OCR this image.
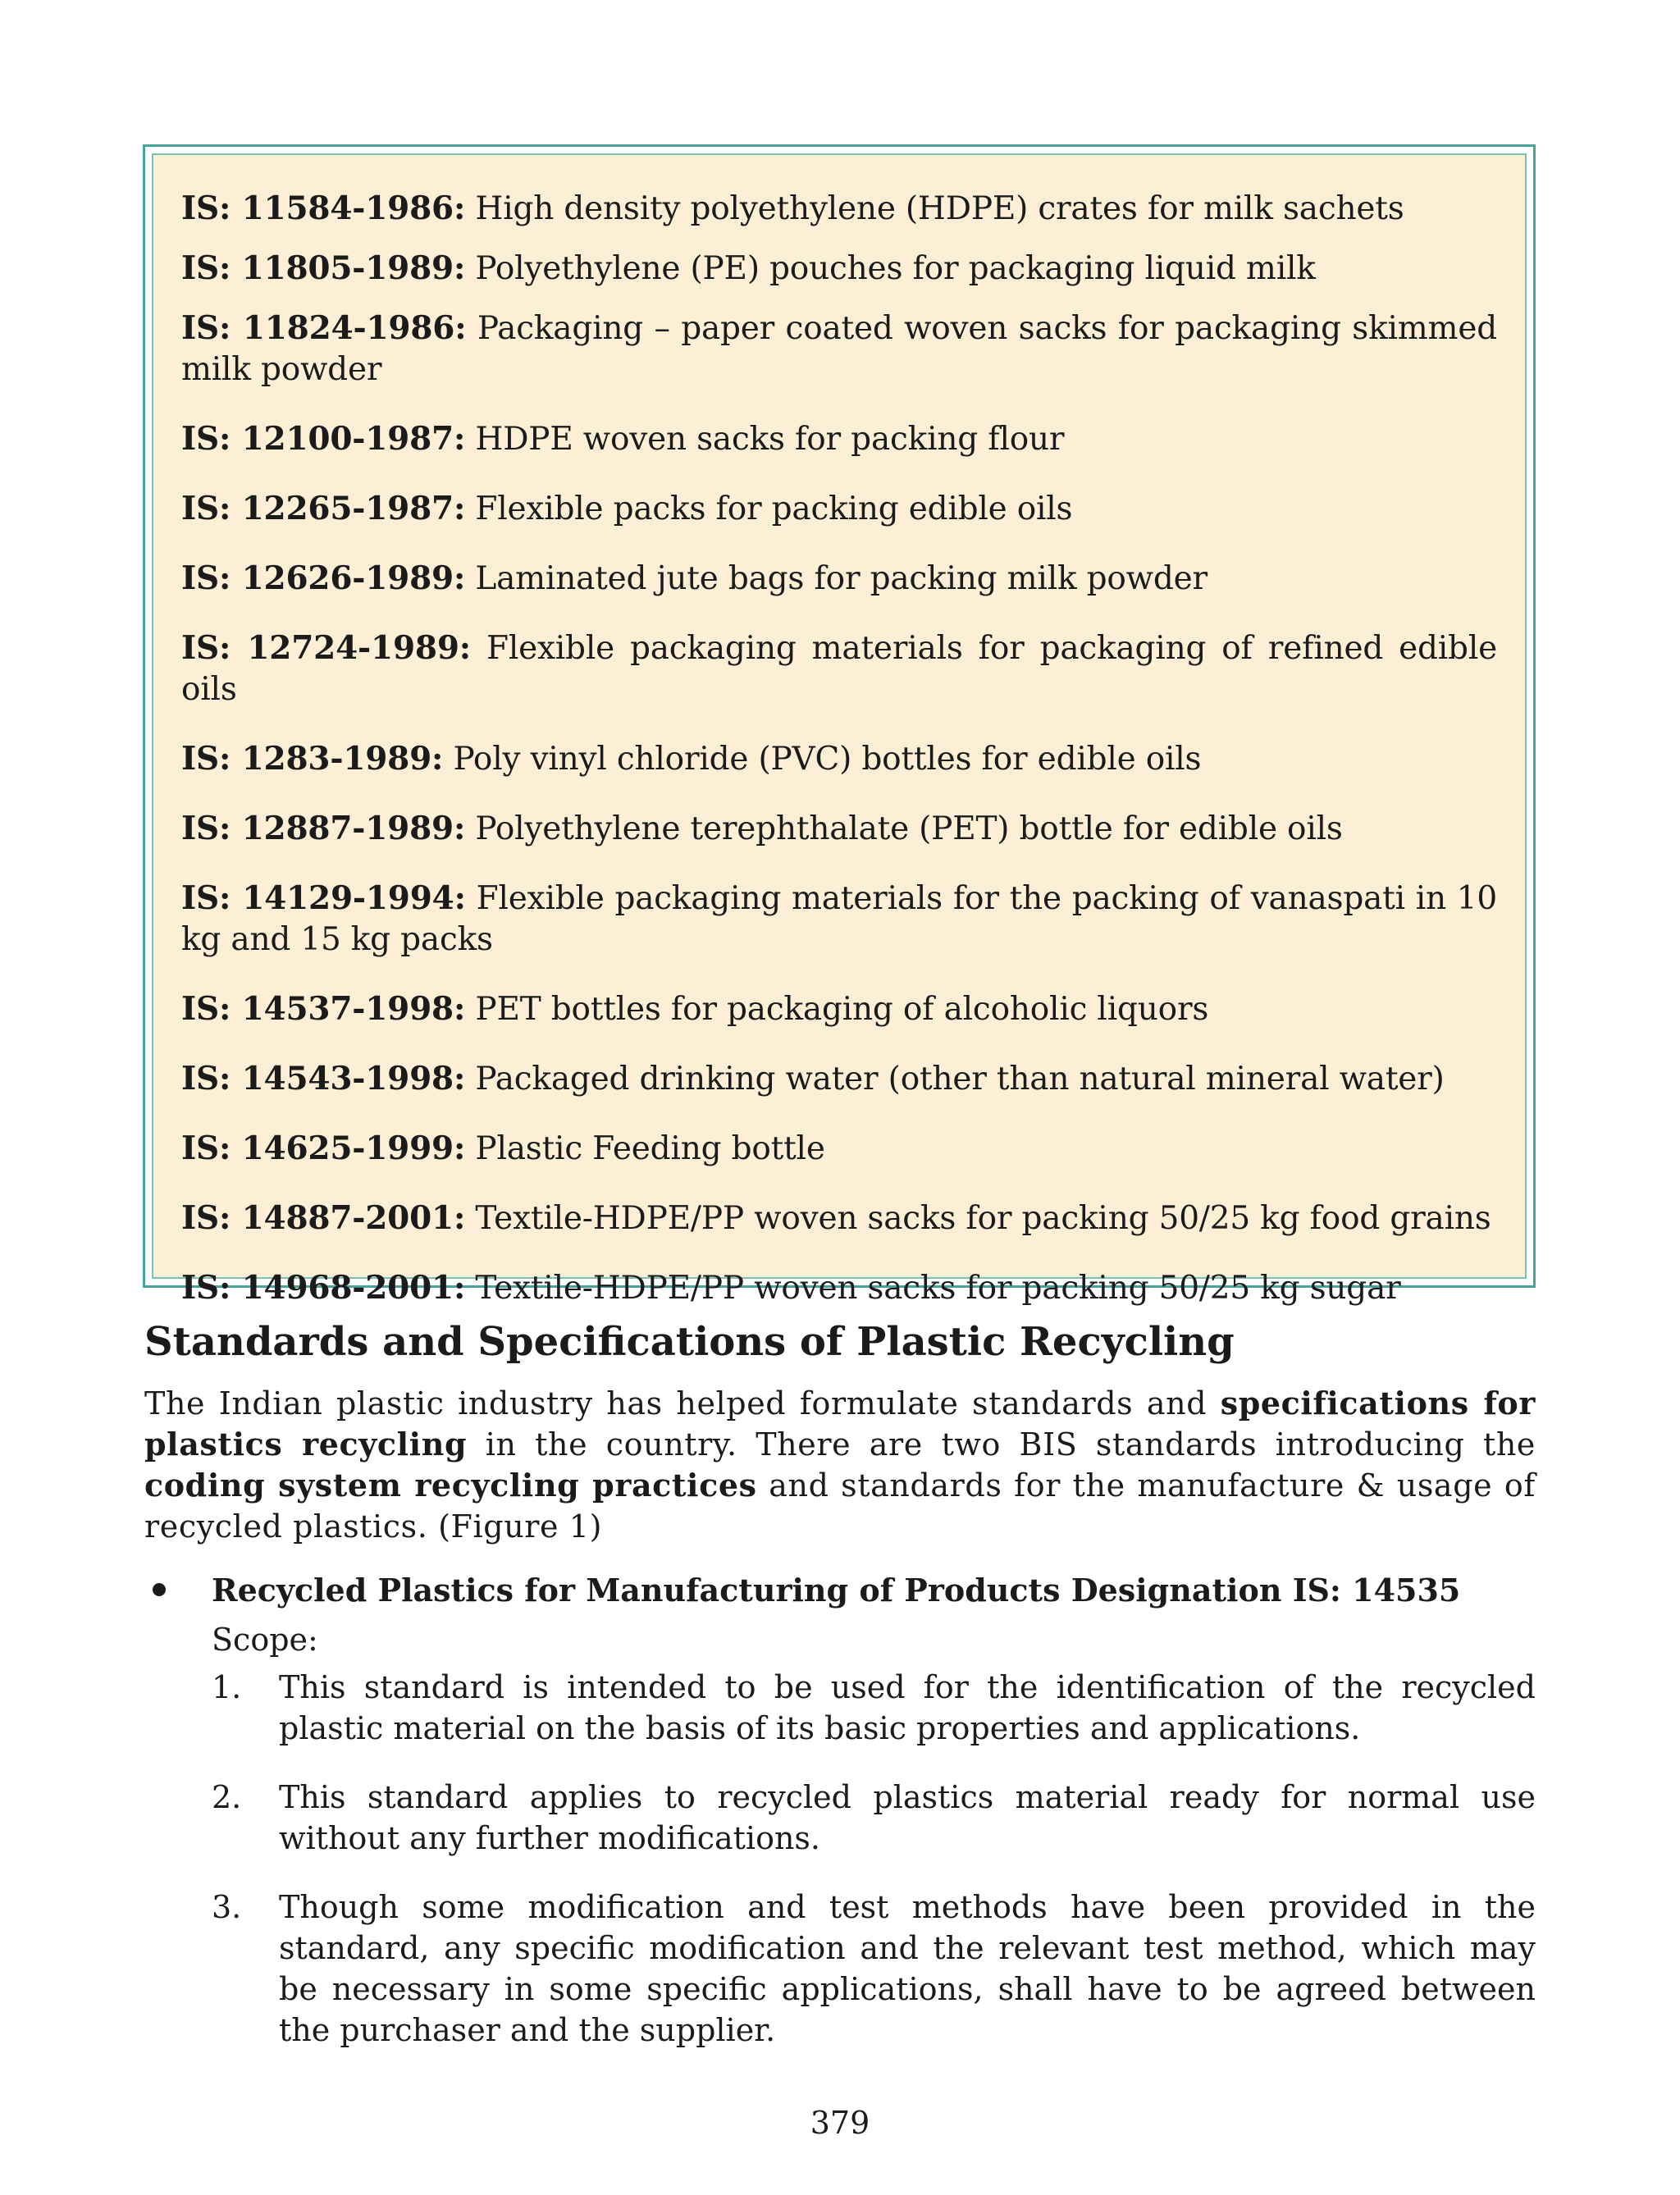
IS: 11584-1986: High density polyethylene (HDPE) crates for milk sachets

IS: 11805-1989: Polyethylene (PE) pouches for packaging liquid milk

IS: 11824-1986: Packaging – paper coated woven sacks for packaging skimmed milk powder

IS: 12100-1987: HDPE woven sacks for packing flour

IS: 12265-1987: Flexible packs for packing edible oils

IS: 12626-1989: Laminated jute bags for packing milk powder

IS: 12724-1989: Flexible packaging materials for packaging of refined edible oils

IS: 1283-1989: Poly vinyl chloride (PVC) bottles for edible oils

IS: 12887-1989: Polyethylene terephthalate (PET) bottle for edible oils

IS: 14129-1994: Flexible packaging materials for the packing of vanaspati in 10 kg and 15 kg packs

IS: 14537-1998: PET bottles for packaging of alcoholic liquors

IS: 14543-1998: Packaged drinking water (other than natural mineral water)

IS: 14625-1999: Plastic Feeding bottle

IS: 14887-2001: Textile-HDPE/PP woven sacks for packing 50/25 kg food grains

IS: 14968-2001: Textile-HDPE/PP woven sacks for packing 50/25 kg sugar

Standards and Specifications of Plastic Recycling

The Indian plastic industry has helped formulate standards and specifications for plastics recycling in the country. There are two BIS standards introducing the coding system recycling practices and standards for the manufacture & usage of recycled plastics. (Figure 1)

Recycled Plastics for Manufacturing of Products Designation IS: 14535

Scope:

1. This standard is intended to be used for the identification of the recycled plastic material on the basis of its basic properties and applications.
2. This standard applies to recycled plastics material ready for normal use without any further modifications.
3. Though some modification and test methods have been provided in the standard, any specific modification and the relevant test method, which may be necessary in some specific applications, shall have to be agreed between the purchaser and the supplier.

379
